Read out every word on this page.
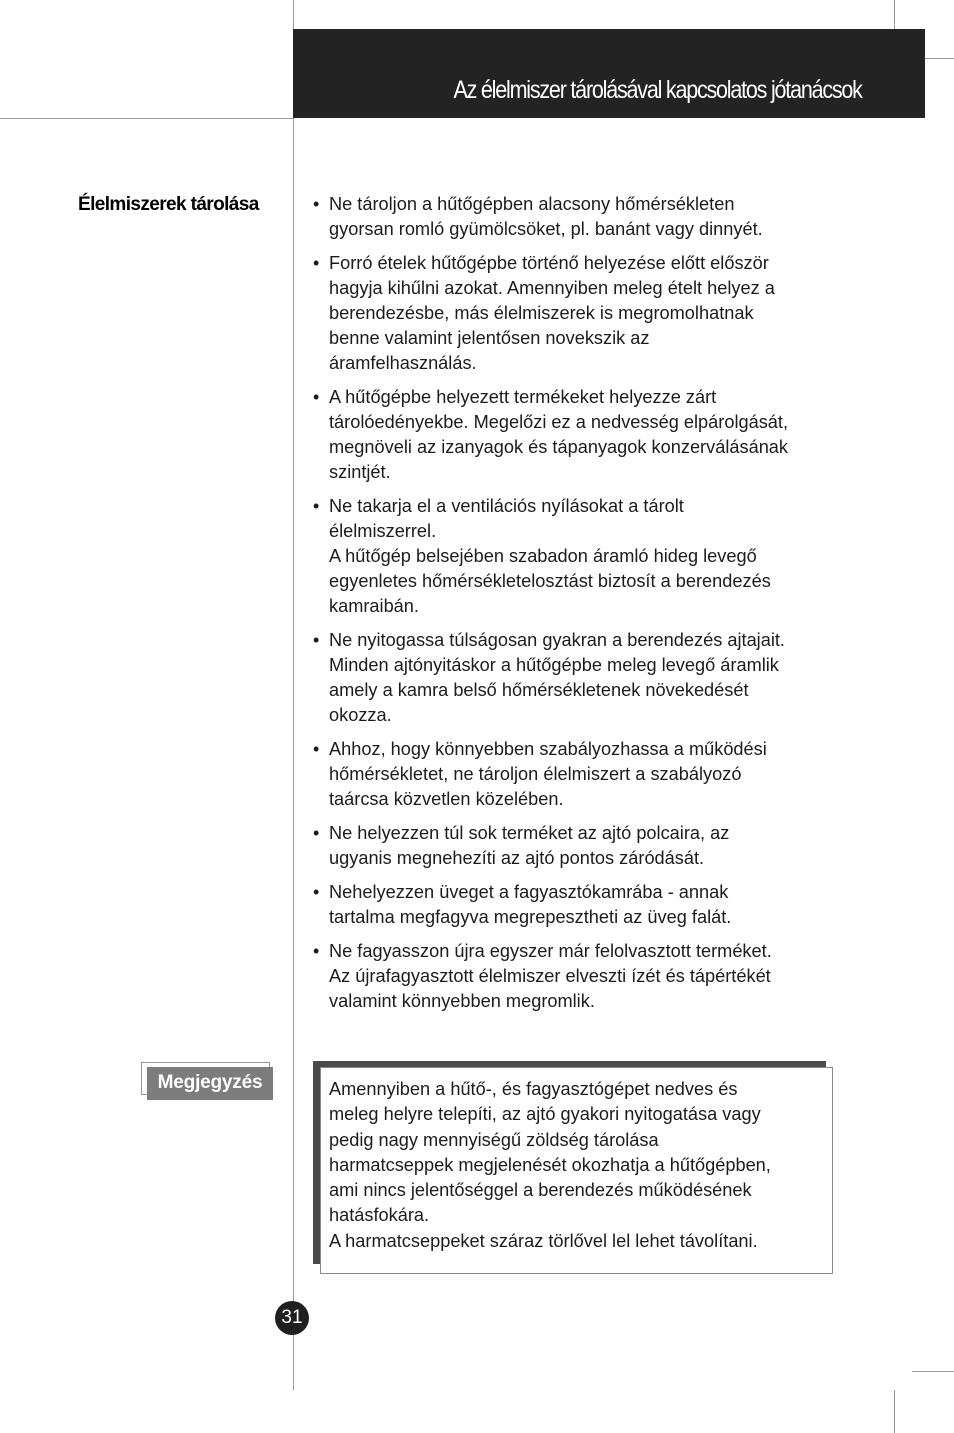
Az élelmiszer tárolásával kapcsolatos jótanácsok
Élelmiszerek tárolása	• Ne tároljon a hűtőgépben alacsony hőmérsékleten
gyorsan romló gyümölcsöket, pl. banánt vagy dinnyét.
• Forró ételek hűtőgépbe történő helyezése előtt először
hagyja kihűlni azokat. Amennyiben meleg ételt helyez a
berendezésbe, más élelmiszerek is megromolhatnak
benne valamint jelentősen novekszik az
áramfelhasználás.
• A hűtőgépbe helyezett termékeket helyezze zárt
tárolóedényekbe. Megelőzi ez a nedvesség elpárolgását,
megnöveli az izanyagok és tápanyagok konzerválásának
szintjét.
• Ne takarja el a ventilációs nyílásokat a tárolt
élelmiszerrel.
A hűtőgép belsejében szabadon áramló hideg levegő
egyenletes hőmérsékletelosztást biztosít a berendezés
kamraibán.
• Ne nyitogassa túlságosan gyakran a berendezés ajtajait.
Minden ajtónyitáskor a hűtőgépbe meleg levegő áramlik
amely a kamra belső hőmérsékletenek növekedését
okozza.
• Ahhoz, hogy könnyebben szabályozhassa a működési
hőmérsékletet, ne tároljon élelmiszert a szabályozó
taárcsa közvetlen közelében.
• Ne helyezzen túl sok terméket az ajtó polcaira, az
ugyanis megnehezíti az ajtó pontos záródását.
• Nehelyezzen üveget a fagyasztókamrába - annak
tartalma megfagyva megrepesztheti az üveg falát.
• Ne fagyasszon újra egyszer már felolvasztott terméket.
Az újrafagyasztott élelmiszer elveszti ízét és tápértékét
valamint könnyebben megromlik.
Megjegyzés	Amennyiben a hűtő-, és fagyasztógépet nedves és
meleg helyre telepíti, az ajtó gyakori nyitogatása vagy
pedig nagy mennyiségű zöldség tárolása
harmatcseppek megjelenését okozhatja a hűtőgépben,
ami nincs jelentőséggel a berendezés működésének
hatásfokára.
A harmatcseppeket száraz törlővel lel lehet távolítani.
31
